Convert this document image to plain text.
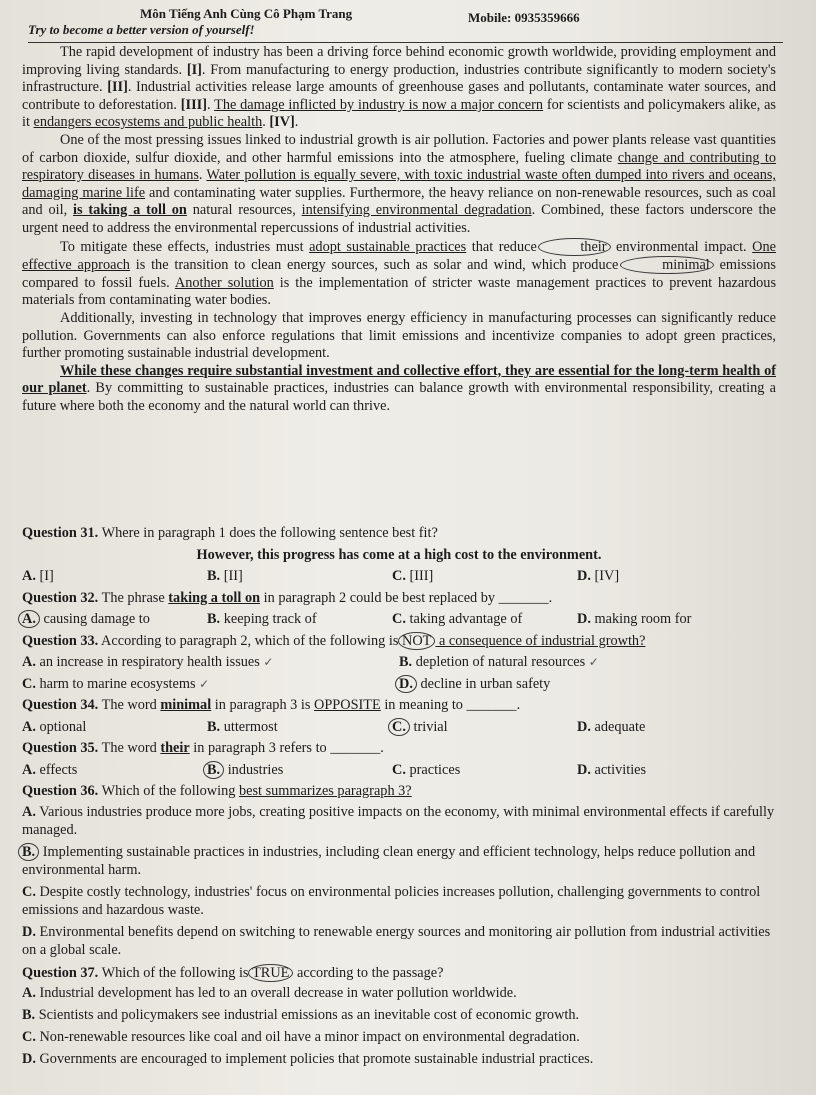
Môn Tiếng Anh Cùng Cô Phạm Trang	Mobile: 0935359666
Try to become a better version of yourself!

The rapid development of industry has been a driving force behind economic growth worldwide, providing employment and improving living standards. [I]. From manufacturing to energy production, industries contribute significantly to modern society's infrastructure. [II]. Industrial activities release large amounts of greenhouse gases and pollutants, contaminate water sources, and contribute to deforestation. [III]. The damage inflicted by industry is now a major concern for scientists and policymakers alike, as it endangers ecosystems and public health. [IV].

One of the most pressing issues linked to industrial growth is air pollution. Factories and power plants release vast quantities of carbon dioxide, sulfur dioxide, and other harmful emissions into the atmosphere, fueling climate change and contributing to respiratory diseases in humans. Water pollution is equally severe, with toxic industrial waste often dumped into rivers and oceans, damaging marine life and contaminating water supplies. Furthermore, the heavy reliance on non-renewable resources, such as coal and oil, is taking a toll on natural resources, intensifying environmental degradation. Combined, these factors underscore the urgent need to address the environmental repercussions of industrial activities.

To mitigate these effects, industries must adopt sustainable practices that reduce	their environmental impact. One effective approach is the transition to clean energy sources, such as solar and wind, which produce	minimal emissions compared to fossil fuels. Another solution is the implementation of stricter waste management practices to prevent hazardous materials from contaminating water bodies.

Additionally, investing in technology that improves energy efficiency in manufacturing processes can significantly reduce pollution. Governments can also enforce regulations that limit emissions and incentivize companies to adopt green practices, further promoting sustainable industrial development.

While these changes require substantial investment and collective effort, they are essential for the long-term health of our planet. By committing to sustainable practices, industries can balance growth with environmental responsibility, creating a future where both the economy and the natural world can thrive.

Question 31. Where in paragraph 1 does the following sentence best fit?

However, this progress has come at a high cost to the environment.

A. [I]	B. [II]	C. [III]	D. [IV]

Question 32. The phrase taking a toll on in paragraph 2 could be best replaced by _______.

A. causing damage to	B. keeping track of	C. taking advantage of	D. making room for

Question 33. According to paragraph 2, which of the following is NOT a consequence of industrial growth?

A. an increase in respiratory health issues ✓	B. depletion of natural resources ✓
C. harm to marine ecosystems ✓	D. decline in urban safety

Question 34. The word minimal in paragraph 3 is OPPOSITE in meaning to _______.

A. optional	B. uttermost	C. trivial	D. adequate

Question 35. The word their in paragraph 3 refers to _______.

A. effects	B. industries	C. practices	D. activities

Question 36. Which of the following best summarizes paragraph 3?

A. Various industries produce more jobs, creating positive impacts on the economy, with minimal environmental effects if carefully managed.

B. Implementing sustainable practices in industries, including clean energy and efficient technology, helps reduce pollution and environmental harm.

C. Despite costly technology, industries' focus on environmental policies increases pollution, challenging governments to control emissions and hazardous waste.

D. Environmental benefits depend on switching to renewable energy sources and monitoring air pollution from industrial activities on a global scale.

Question 37. Which of the following is TRUE according to the passage?

A. Industrial development has led to an overall decrease in water pollution worldwide.

B. Scientists and policymakers see industrial emissions as an inevitable cost of economic growth.

C. Non-renewable resources like coal and oil have a minor impact on environmental degradation.

D. Governments are encouraged to implement policies that promote sustainable industrial practices.
